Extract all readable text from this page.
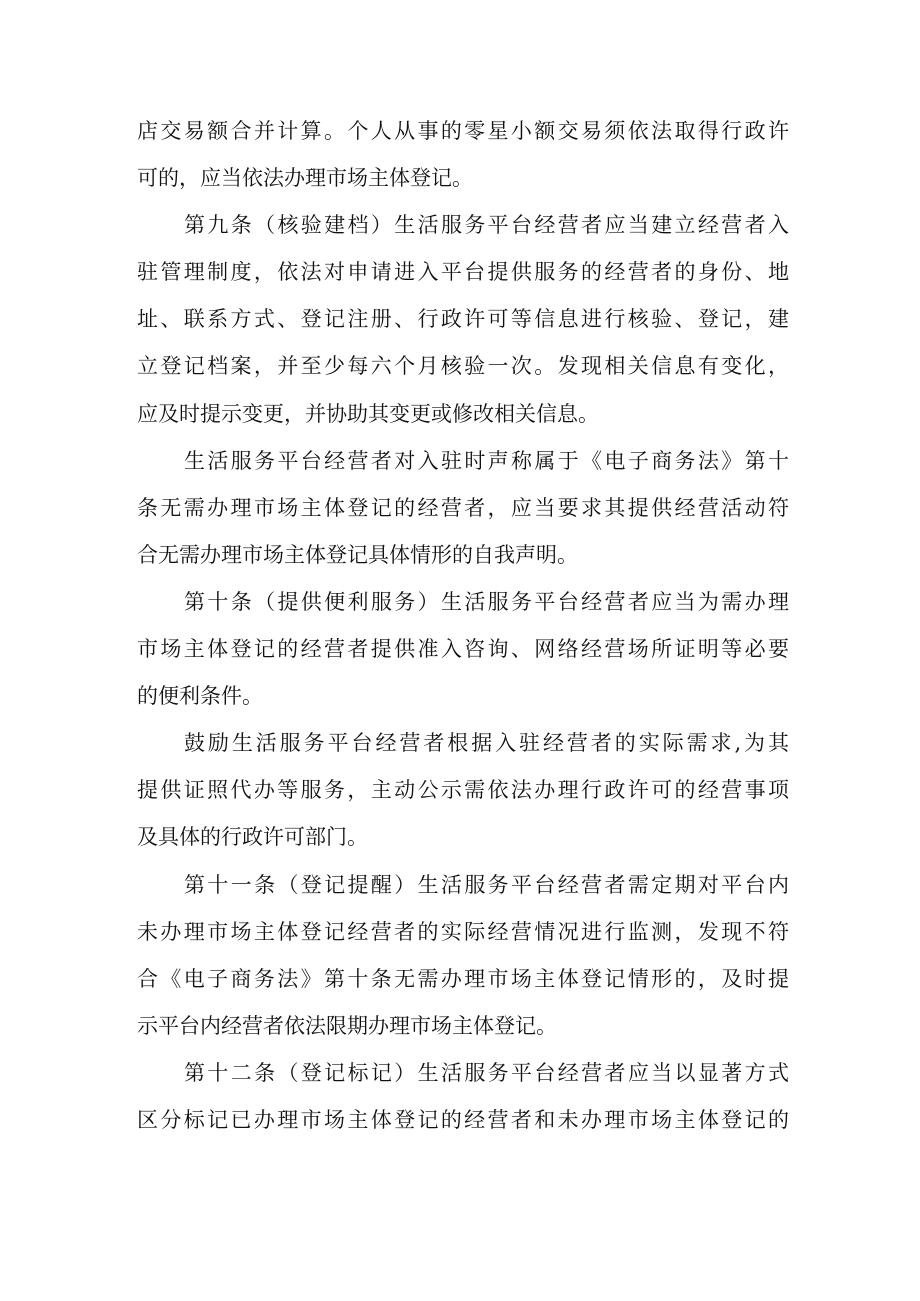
店交易额合并计算。个人从事的零星小额交易须依法取得行政许
可的，应当依法办理市场主体登记。
第九条（核验建档）生活服务平台经营者应当建立经营者入
驻管理制度，依法对申请进入平台提供服务的经营者的身份、地
址、联系方式、登记注册、行政许可等信息进行核验、登记，建
立登记档案，并至少每六个月核验一次。发现相关信息有变化，
应及时提示变更，并协助其变更或修改相关信息。
生活服务平台经营者对入驻时声称属于《电子商务法》第十
条无需办理市场主体登记的经营者，应当要求其提供经营活动符
合无需办理市场主体登记具体情形的自我声明。
第十条（提供便利服务）生活服务平台经营者应当为需办理
市场主体登记的经营者提供准入咨询、网络经营场所证明等必要
的便利条件。
鼓励生活服务平台经营者根据入驻经营者的实际需求,为其
提供证照代办等服务，主动公示需依法办理行政许可的经营事项
及具体的行政许可部门。
第十一条（登记提醒）生活服务平台经营者需定期对平台内
未办理市场主体登记经营者的实际经营情况进行监测，发现不符
合《电子商务法》第十条无需办理市场主体登记情形的，及时提
示平台内经营者依法限期办理市场主体登记。
第十二条（登记标记）生活服务平台经营者应当以显著方式
区分标记已办理市场主体登记的经营者和未办理市场主体登记的
